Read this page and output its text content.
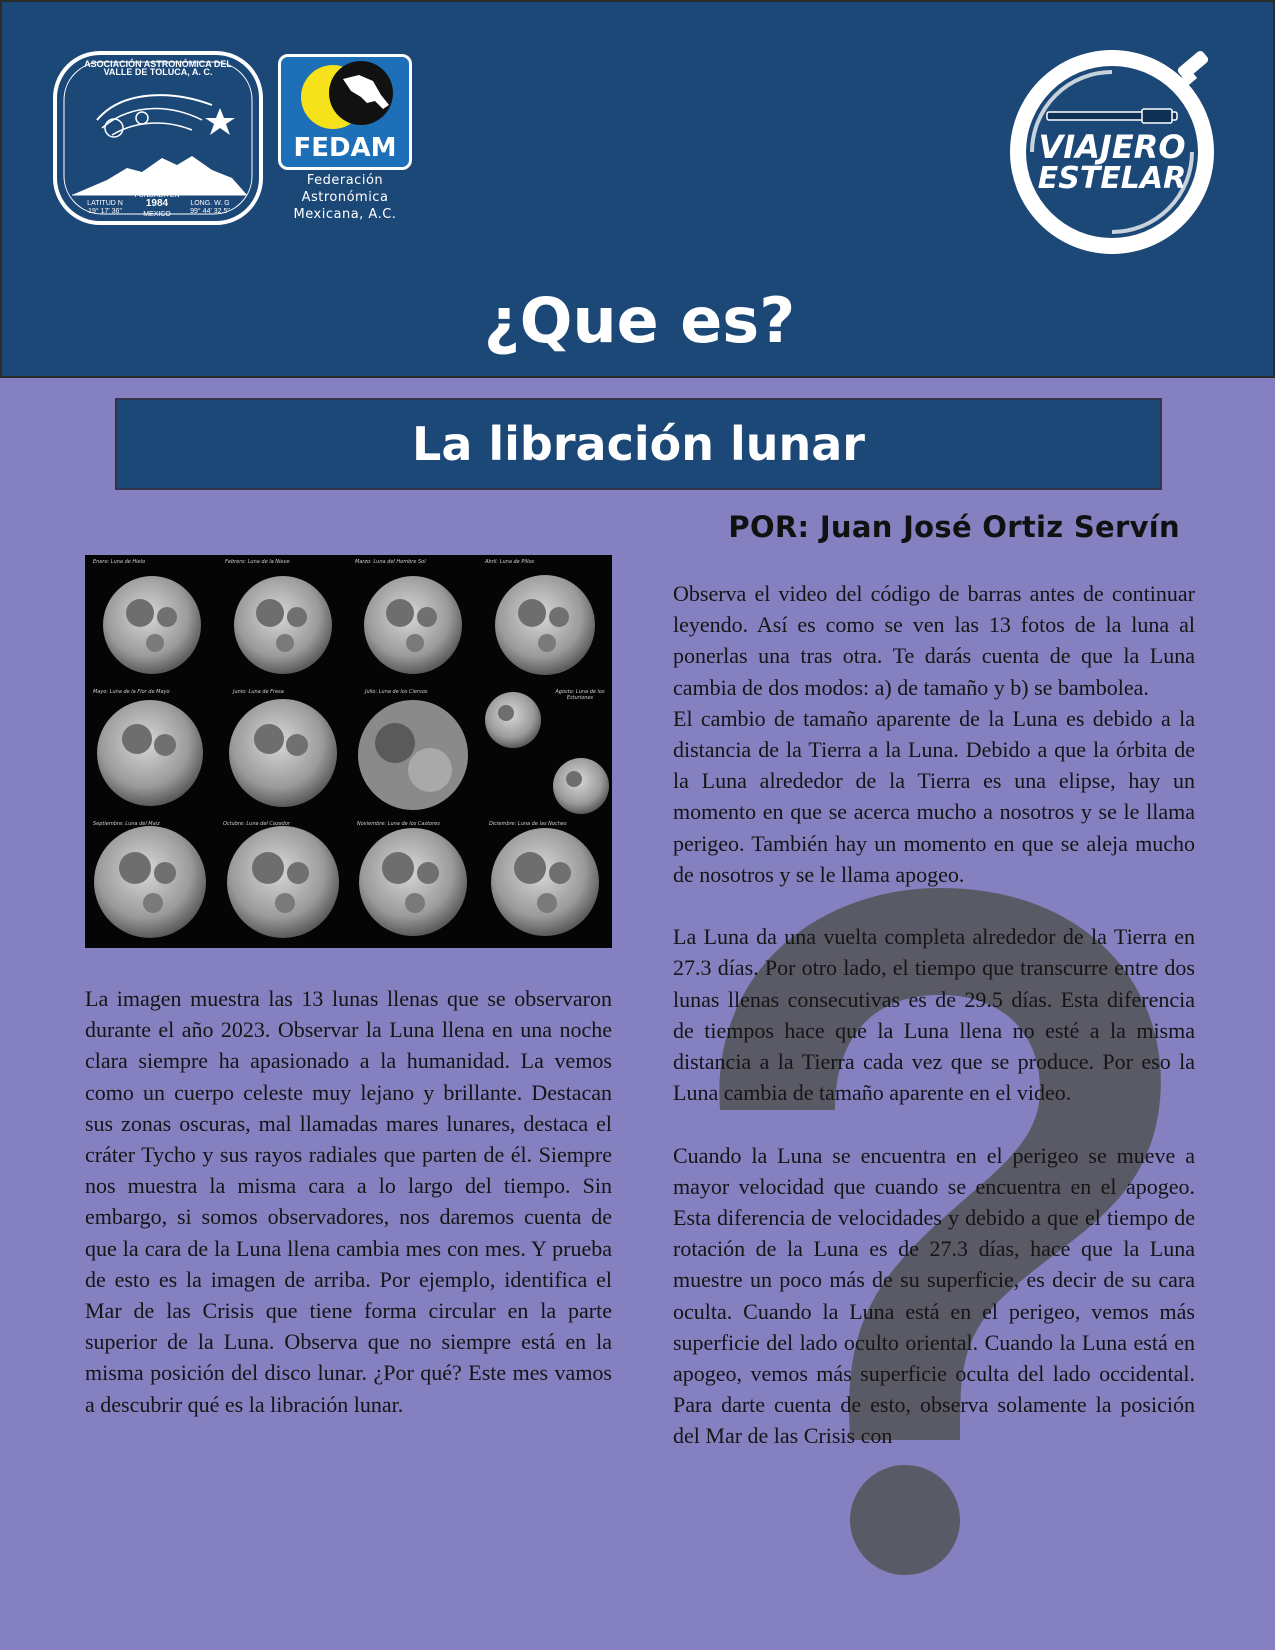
FUNDADA EN
1984
MEXICO
LATITUD N
19° 17' 36"
LONG. W. G
99° 44' 32.5"
ASOCIACIÓN ASTRONÓMICA DEL VALLE DE TOLUCA, A. C.
FEDAM
Federación
Astronómica
Mexicana, A.C.
VIAJERO
ESTELAR
¿Que es?
La libración lunar
POR: Juan José Ortiz Servín
Enero: Luna de Hielo	Febrero: Luna de la Nieve	Marzo: Luna del Hombre Sol	Abril: Luna de Pillos
Mayo: Luna de la Flor de Mayo	Junio: Luna de Fresa	Julio: Luna de los Ciervos	Agosto: Luna de los Esturiones
Septiembre: Luna del Maíz	Octubre: Luna del Cazador	Noviembre: Luna de los Castores	Diciembre: Luna de las Noches

La imagen muestra las 13 lunas llenas que se observaron durante el año 2023. Observar la Luna llena en una noche clara siempre ha apasionado a la humanidad. La vemos como un cuerpo celeste muy lejano y brillante. Destacan sus zonas oscuras, mal llamadas mares lunares, destaca el cráter Tycho y sus rayos radiales que parten de él. Siempre nos muestra la misma cara a lo largo del tiempo. Sin embargo, si somos observadores, nos daremos cuenta de que la cara de la Luna llena cambia mes con mes. Y prueba de esto es la imagen de arriba. Por ejemplo, identifica el Mar de las Crisis que tiene forma circular en la parte superior de la Luna. Observa que no siempre está en la misma posición del disco lunar. ¿Por qué? Este mes vamos a descubrir qué es la libración lunar.

Observa el video del código de barras antes de continuar leyendo. Así es como se ven las 13 fotos de la luna al ponerlas una tras otra. Te darás cuenta de que la Luna cambia de dos modos: a) de tamaño y b) se bambolea.

El cambio de tamaño aparente de la Luna es debido a la distancia de la Tierra a la Luna. Debido a que la órbita de la Luna alrededor de la Tierra es una elipse, hay un momento en que se acerca mucho a nosotros y se le llama perigeo. También hay un momento en que se aleja mucho de nosotros y se le llama apogeo.

La Luna da una vuelta completa alrededor de la Tierra en 27.3 días. Por otro lado, el tiempo que transcurre entre dos lunas llenas consecutivas es de 29.5 días. Esta diferencia de tiempos hace que la Luna llena no esté a la misma distancia a la Tierra cada vez que se produce. Por eso la Luna cambia de tamaño aparente en el video.

Cuando la Luna se encuentra en el perigeo se mueve a mayor velocidad que cuando se encuentra en el apogeo. Esta diferencia de velocidades y debido a que el tiempo de rotación de la Luna es de 27.3 días, hace que la Luna muestre un poco más de su superficie, es decir de su cara oculta. Cuando la Luna está en el perigeo, vemos más superficie del lado oculto oriental. Cuando la Luna está en apogeo, vemos más superficie oculta del lado occidental. Para darte cuenta de esto, observa solamente la posición del Mar de las Crisis con
